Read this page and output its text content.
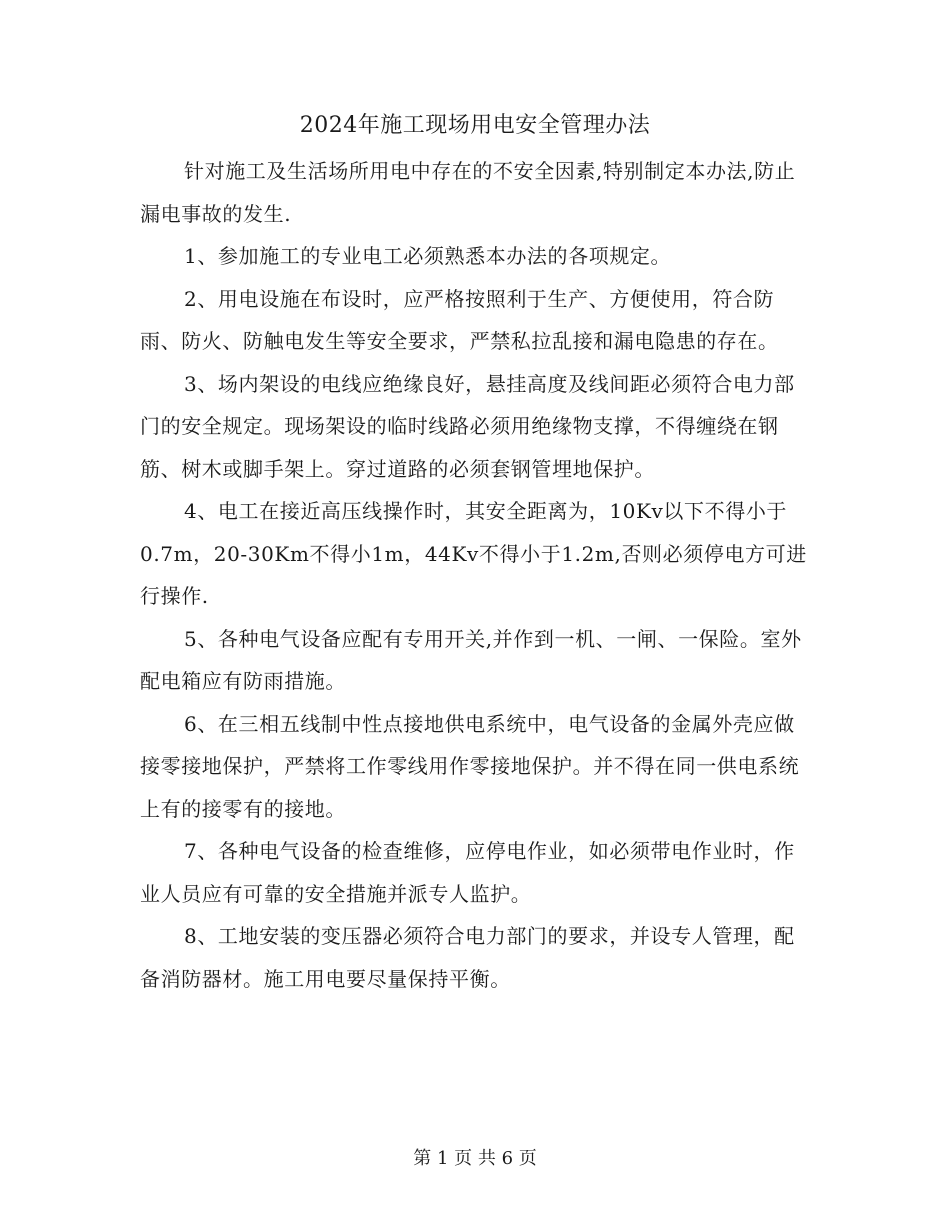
2024年施工现场用电安全管理办法

针对施工及生活场所用电中存在的不安全因素,特别制定本办法,防止漏电事故的发生.

1、参加施工的专业电工必须熟悉本办法的各项规定。

2、用电设施在布设时，应严格按照利于生产、方便使用，符合防雨、防火、防触电发生等安全要求，严禁私拉乱接和漏电隐患的存在。

3、场内架设的电线应绝缘良好，悬挂高度及线间距必须符合电力部门的安全规定。现场架设的临时线路必须用绝缘物支撑，不得缠绕在钢筋、树木或脚手架上。穿过道路的必须套钢管埋地保护。

4、电工在接近高压线操作时，其安全距离为，10Kv以下不得小于0.7m，20-30Km不得小1m，44Kv不得小于1.2m,否则必须停电方可进行操作.

5、各种电气设备应配有专用开关,并作到一机、一闸、一保险。室外配电箱应有防雨措施。

6、在三相五线制中性点接地供电系统中，电气设备的金属外壳应做接零接地保护，严禁将工作零线用作零接地保护。并不得在同一供电系统上有的接零有的接地。

7、各种电气设备的检查维修，应停电作业，如必须带电作业时，作业人员应有可靠的安全措施并派专人监护。

8、工地安装的变压器必须符合电力部门的要求，并设专人管理，配备消防器材。施工用电要尽量保持平衡。

第 1 页 共 6 页
